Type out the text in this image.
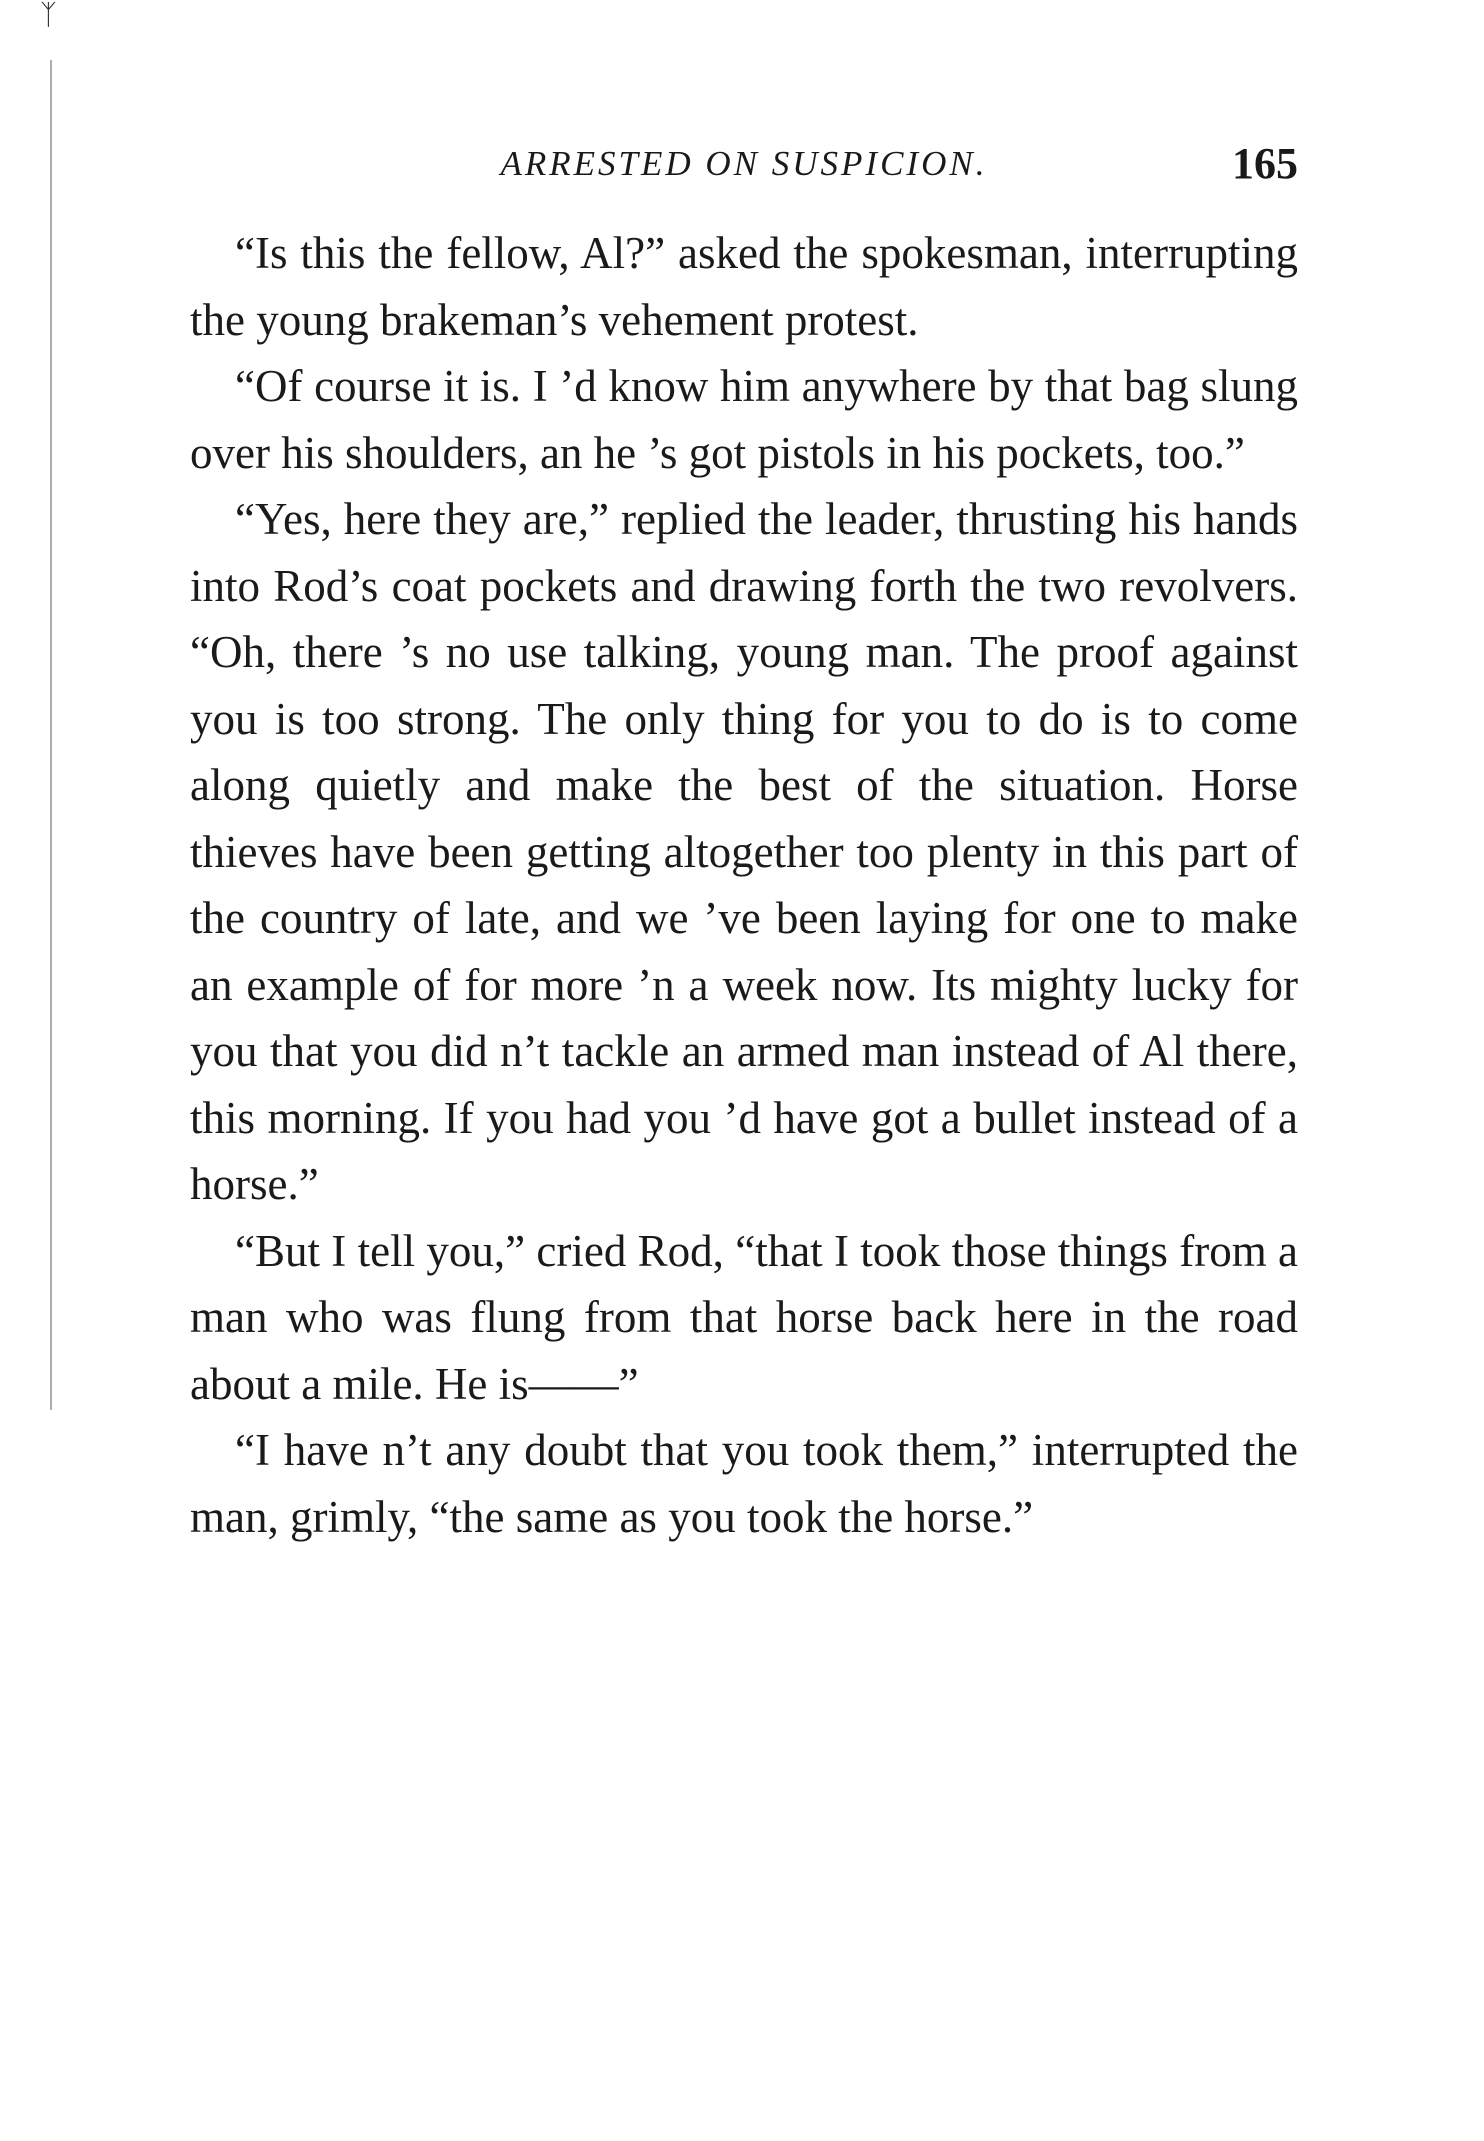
ᛉ
ARRESTED ON SUSPICION.	165

“Is this the fellow, Al?” asked the spokesman, interrupting the young brakeman’s vehement protest.

“Of course it is. I ’d know him anywhere by that bag slung over his shoulders, an he ’s got pistols in his pockets, too.”

“Yes, here they are,” replied the leader, thrusting his hands into Rod’s coat pockets and drawing forth the two revolvers. “Oh, there ’s no use talking, young man. The proof against you is too strong. The only thing for you to do is to come along quietly and make the best of the situation. Horse thieves have been getting altogether too plenty in this part of the country of late, and we ’ve been laying for one to make an example of for more ’n a week now. Its mighty lucky for you that you did n’t tackle an armed man instead of Al there, this morning. If you had you ’d have got a bullet instead of a horse.”

“But I tell you,” cried Rod, “that I took those things from a man who was flung from that horse back here in the road about a mile. He is——”

“I have n’t any doubt that you took them,” interrupted the man, grimly, “the same as you took the horse.”
